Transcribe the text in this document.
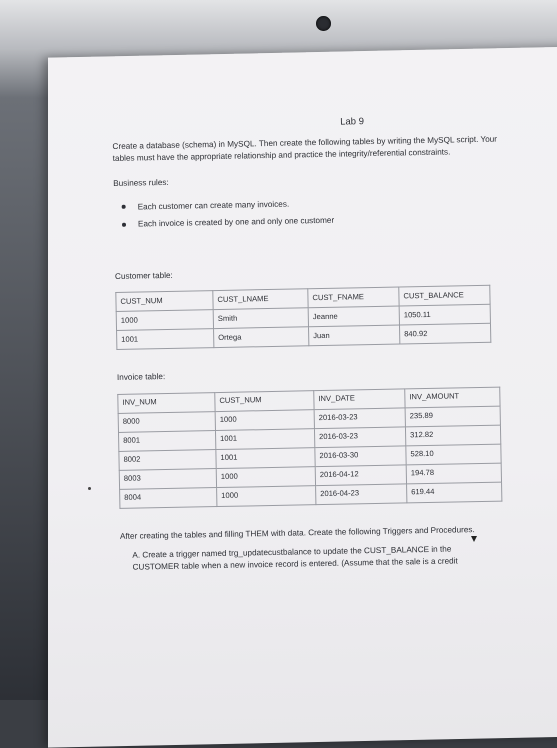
Lab 9

Create a database (schema) in MySQL. Then create the following tables by writing the MySQL script. Your tables must have the appropriate relationship and practice the integrity/referential constraints.

Business rules:

Each customer can create many invoices.
Each invoice is created by one and only one customer

Customer table:

CUST_NUM	CUST_LNAME	CUST_FNAME	CUST_BALANCE
1000	Smith	Jeanne	1050.11
1001	Ortega	Juan	840.92

Invoice table:

INV_NUM	CUST_NUM	INV_DATE	INV_AMOUNT
8000	1000	2016-03-23	235.89
8001	1001	2016-03-23	312.82
8002	1001	2016-03-30	528.10
8003	1000	2016-04-12	194.78
8004	1000	2016-04-23	619.44

After creating the tables and filling THEM with data. Create the following Triggers and Procedures.

A. Create a trigger named trg_updatecustbalance to update the CUST_BALANCE in the CUSTOMER table when a new invoice record is entered. (Assume that the sale is a credit
